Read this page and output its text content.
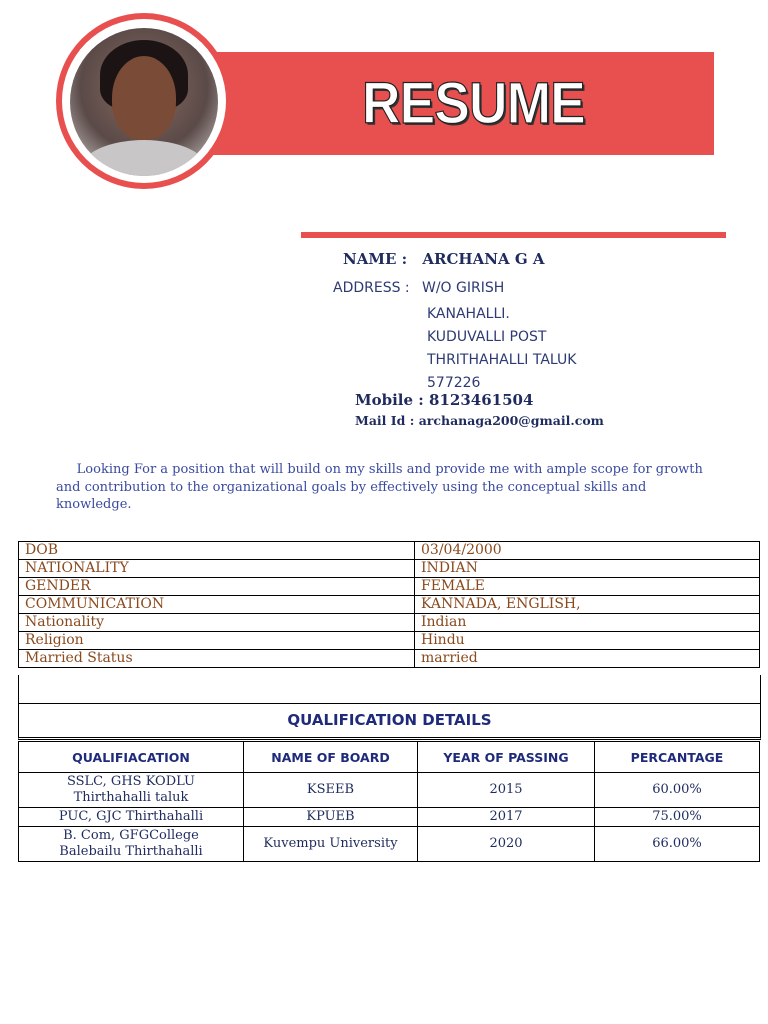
RESUME
NAME : ARCHANA G A
ADDRESS : W/O GIRISH
KANAHALLI.
KUDUVALLI POST
THRITHAHALLI TALUK
577226
Mobile : 8123461504
Mail Id : archanaga200@gmail.com
Looking For a position that will build on my skills and provide me with ample scope for growth and contribution to the organizational goals by effectively using the conceptual skills and knowledge.
DOB	03/04/2000
NATIONALITY	INDIAN
GENDER	FEMALE
COMMUNICATION	KANNADA, ENGLISH,
Nationality	Indian
Religion	Hindu
Married Status	married
QUALIFICATION DETAILS
QUALIFIACATION	NAME OF BOARD	YEAR OF PASSING	PERCANTAGE
SSLC, GHS KODLU
Thirthahalli taluk	KSEEB	2015	60.00%
PUC, GJC Thirthahalli	KPUEB	2017	75.00%
B. Com, GFGCollege
Balebailu Thirthahalli	Kuvempu University	2020	66.00%
